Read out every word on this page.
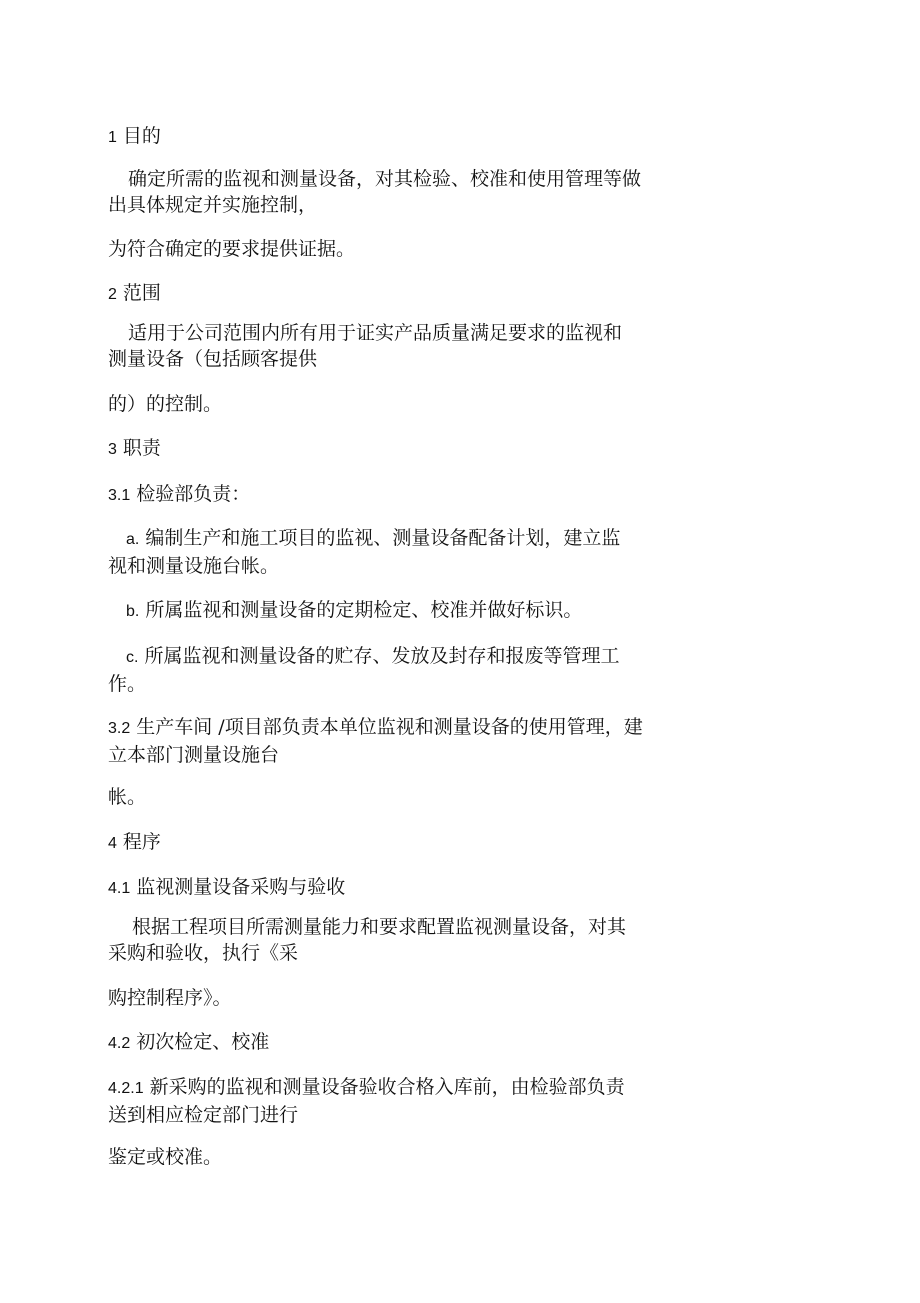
1 目的
确定所需的监视和测量设备，对其检验、校准和使用管理等做
出具体规定并实施控制，
为符合确定的要求提供证据。
2 范围
适用于公司范围内所有用于证实产品质量满足要求的监视和
测量设备（包括顾客提供
的）的控制。
3 职责
3.1 检验部负责：
a. 编制生产和施工项目的监视、测量设备配备计划，建立监
视和测量设施台帐。
b. 所属监视和测量设备的定期检定、校准并做好标识。
c. 所属监视和测量设备的贮存、发放及封存和报废等管理工
作。
3.2 生产车间 /项目部负责本单位监视和测量设备的使用管理，建
立本部门测量设施台
帐。
4 程序
4.1 监视测量设备采购与验收
根据工程项目所需测量能力和要求配置监视测量设备，对其
采购和验收，执行《采
购控制程序》。
4.2 初次检定、校准
4.2.1 新采购的监视和测量设备验收合格入库前，由检验部负责
送到相应检定部门进行
鉴定或校准。
